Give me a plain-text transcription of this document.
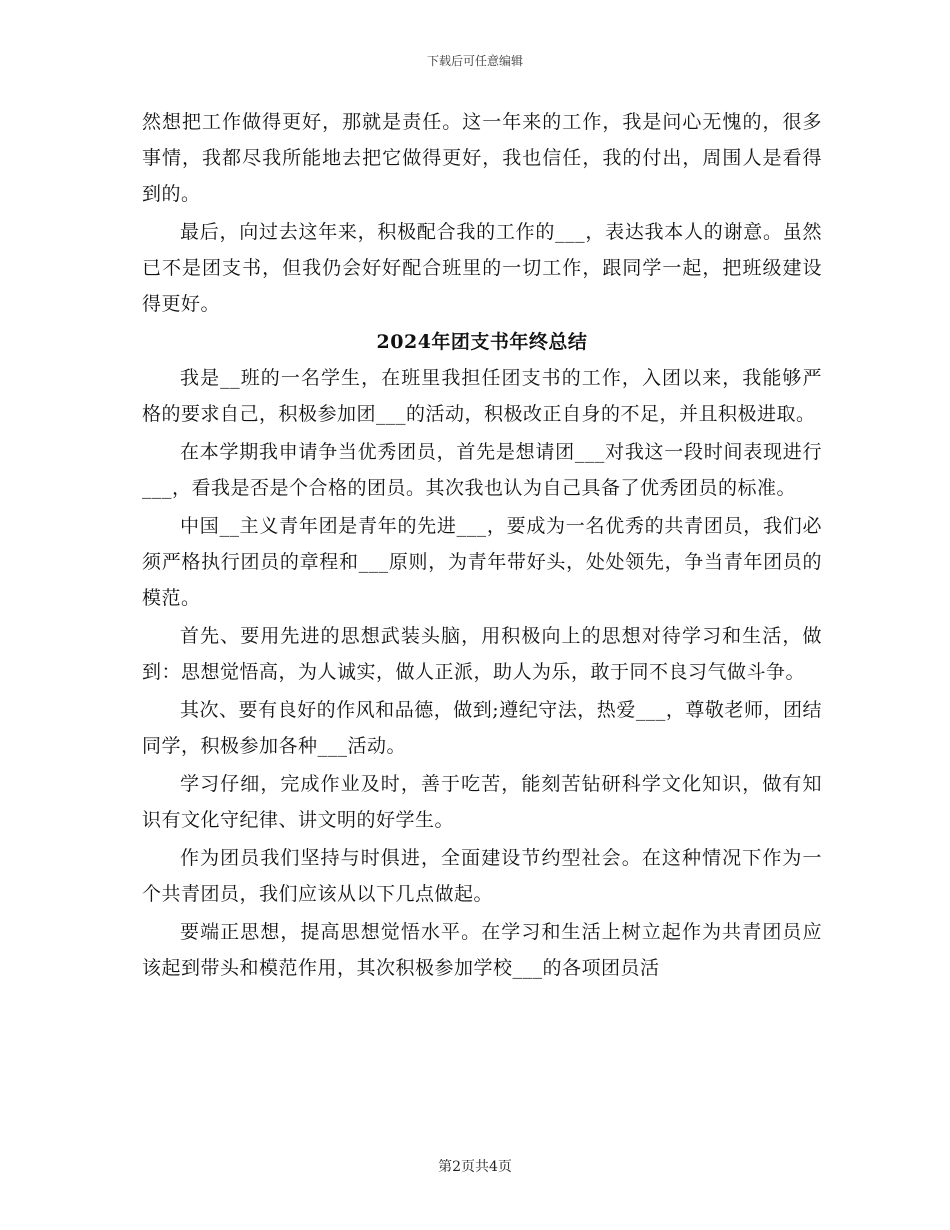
下载后可任意编辑

然想把工作做得更好，那就是责任。这一年来的工作，我是问心无愧的，很多事情，我都尽我所能地去把它做得更好，我也信任，我的付出，周围人是看得到的。

最后，向过去这年来，积极配合我的工作的___，表达我本人的谢意。虽然已不是团支书，但我仍会好好配合班里的一切工作，跟同学一起，把班级建设得更好。

2024年团支书年终总结

我是__班的一名学生，在班里我担任团支书的工作，入团以来，我能够严格的要求自己，积极参加团___的活动，积极改正自身的不足，并且积极进取。

在本学期我申请争当优秀团员，首先是想请团___对我这一段时间表现进行___，看我是否是个合格的团员。其次我也认为自己具备了优秀团员的标准。

中国__主义青年团是青年的先进___，要成为一名优秀的共青团员，我们必须严格执行团员的章程和___原则，为青年带好头，处处领先，争当青年团员的模范。

首先、要用先进的思想武装头脑，用积极向上的思想对待学习和生活，做到：思想觉悟高，为人诚实，做人正派，助人为乐，敢于同不良习气做斗争。

其次、要有良好的作风和品德，做到;遵纪守法，热爱___，尊敬老师，团结同学，积极参加各种___活动。

学习仔细，完成作业及时，善于吃苦，能刻苦钻研科学文化知识，做有知识有文化守纪律、讲文明的好学生。

作为团员我们坚持与时俱进，全面建设节约型社会。在这种情况下作为一个共青团员，我们应该从以下几点做起。

要端正思想，提高思想觉悟水平。在学习和生活上树立起作为共青团员应该起到带头和模范作用，其次积极参加学校___的各项团员活

第2页共4页
